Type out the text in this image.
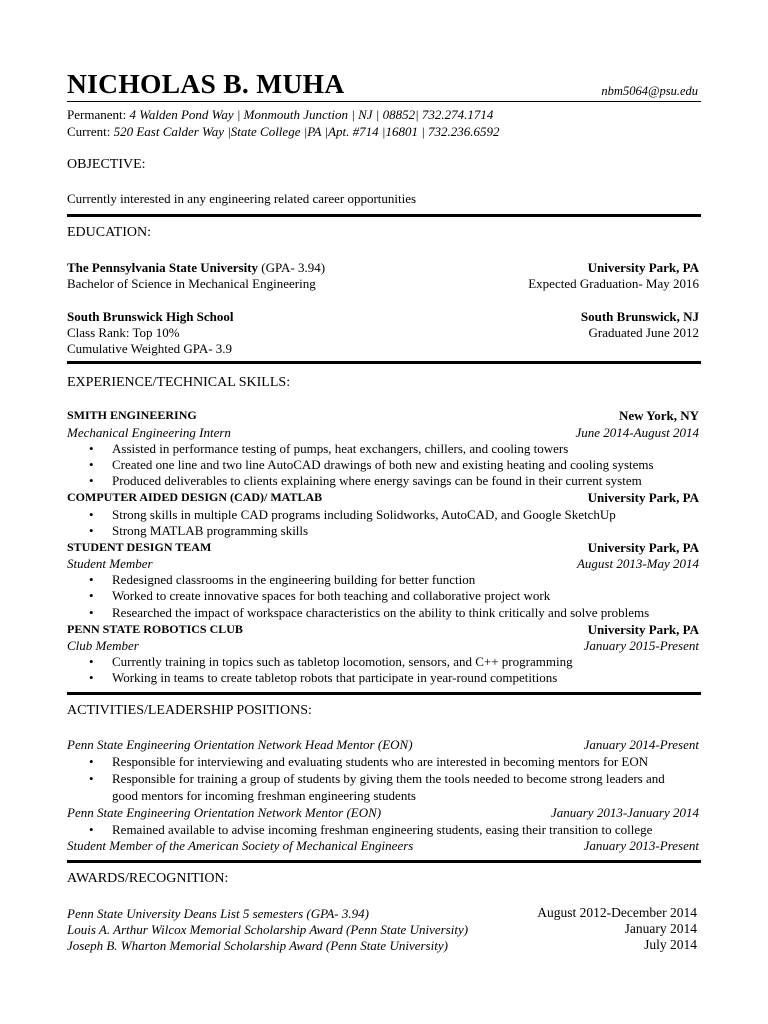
NICHOLAS B. MUHA	nbm5064@psu.edu
Permanent: 4 Walden Pond Way | Monmouth Junction | NJ | 08852| 732.274.1714
Current: 520 East Calder Way |State College |PA |Apt. #714 |16801 | 732.236.6592
OBJECTIVE:
Currently interested in any engineering related career opportunities
EDUCATION:
The Pennsylvania State University (GPA- 3.94)	University Park, PA
Bachelor of Science in Mechanical Engineering	Expected Graduation- May 2016
South Brunswick High School	South Brunswick, NJ
Class Rank: Top 10%	Graduated June 2012
Cumulative Weighted GPA- 3.9
EXPERIENCE/TECHNICAL SKILLS:
SMITH ENGINEERING	New York, NY
Mechanical Engineering Intern	June 2014-August 2014
• Assisted in performance testing of pumps, heat exchangers, chillers, and cooling towers
• Created one line and two line AutoCAD drawings of both new and existing heating and cooling systems
• Produced deliverables to clients explaining where energy savings can be found in their current system
COMPUTER AIDED DESIGN (CAD)/ MATLAB	University Park, PA
• Strong skills in multiple CAD programs including Solidworks, AutoCAD, and Google SketchUp
• Strong MATLAB programming skills
STUDENT DESIGN TEAM	University Park, PA
Student Member	August 2013-May 2014
• Redesigned classrooms in the engineering building for better function
• Worked to create innovative spaces for both teaching and collaborative project work
• Researched the impact of workspace characteristics on the ability to think critically and solve problems
PENN STATE ROBOTICS CLUB	University Park, PA
Club Member	January 2015-Present
• Currently training in topics such as tabletop locomotion, sensors, and C++ programming
• Working in teams to create tabletop robots that participate in year-round competitions
ACTIVITIES/LEADERSHIP POSITIONS:
Penn State Engineering Orientation Network Head Mentor (EON)	January 2014-Present
• Responsible for interviewing and evaluating students who are interested in becoming mentors for EON
• Responsible for training a group of students by giving them the tools needed to become strong leaders and
good mentors for incoming freshman engineering students
Penn State Engineering Orientation Network Mentor (EON)	January 2013-January 2014
• Remained available to advise incoming freshman engineering students, easing their transition to college
Student Member of the American Society of Mechanical Engineers	January 2013-Present
AWARDS/RECOGNITION:
Penn State University Deans List 5 semesters (GPA- 3.94)	August 2012-December 2014
Louis A. Arthur Wilcox Memorial Scholarship Award (Penn State University)	January 2014
Joseph B. Wharton Memorial Scholarship Award (Penn State University)	July 2014
